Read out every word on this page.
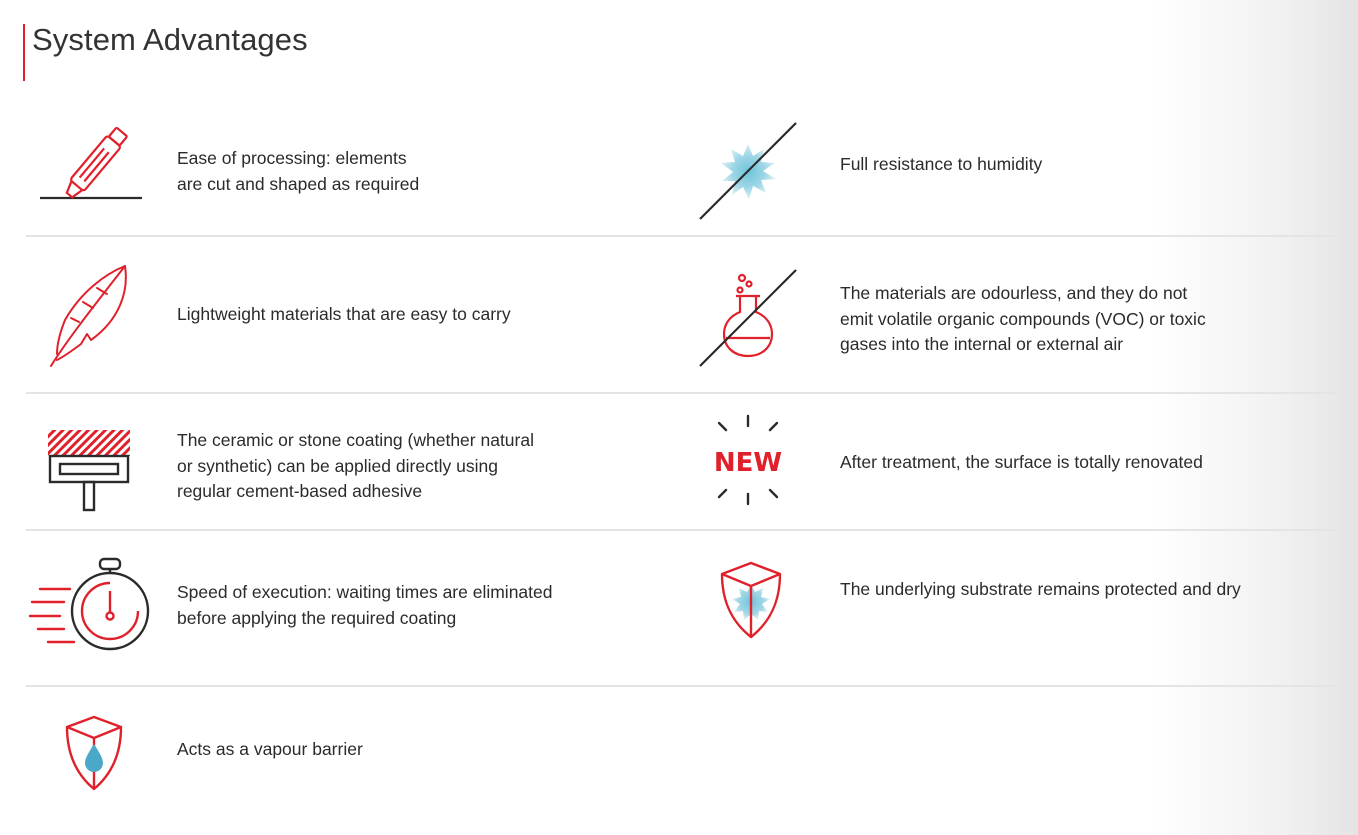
System Advantages
Ease of processing: elements
are cut and shaped as required
Full resistance to humidity
Lightweight materials that are easy to carry
The materials are odourless, and they do not
emit volatile organic compounds (VOC) or toxic
gases into the internal or external air
The ceramic or stone coating (whether natural
or synthetic) can be applied directly using
regular cement-based adhesive
NEW	After treatment, the surface is totally renovated
Speed of execution: waiting times are eliminated
before applying the required coating
The underlying substrate remains protected and dry
Acts as a vapour barrier
